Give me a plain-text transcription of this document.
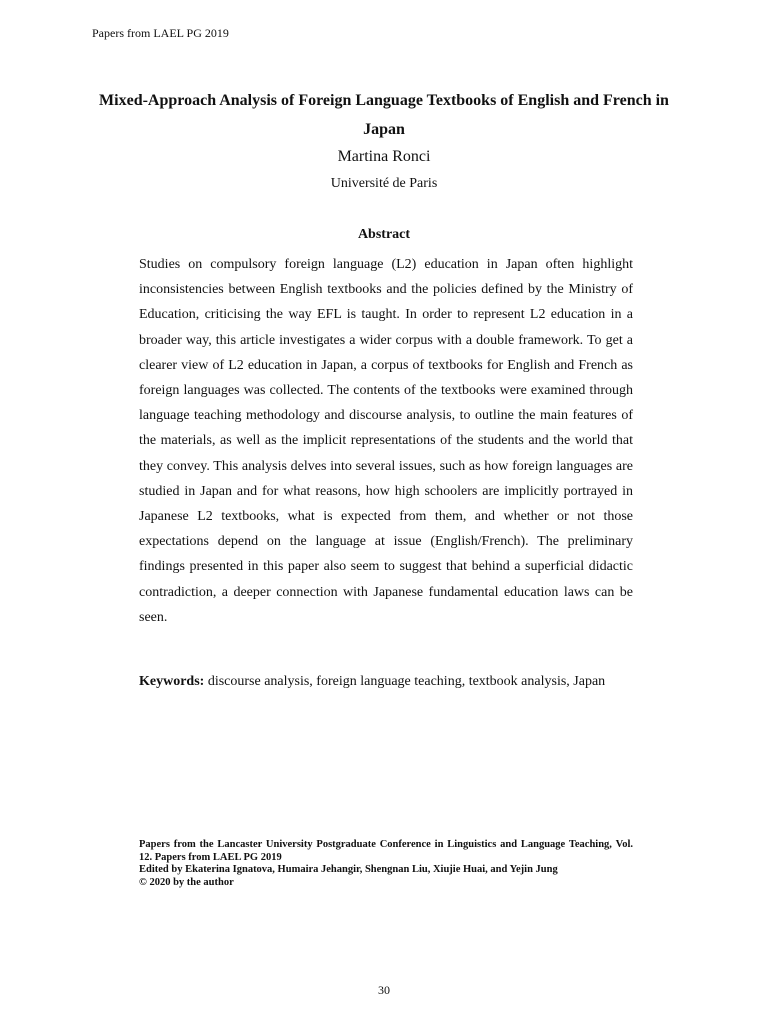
Papers from LAEL PG 2019
Mixed-Approach Analysis of Foreign Language Textbooks of English and French in Japan
Martina Ronci
Université de Paris
Abstract

Studies on compulsory foreign language (L2) education in Japan often highlight inconsistencies between English textbooks and the policies defined by the Ministry of Education, criticising the way EFL is taught. In order to represent L2 education in a broader way, this article investigates a wider corpus with a double framework. To get a clearer view of L2 education in Japan, a corpus of textbooks for English and French as foreign languages was collected. The contents of the textbooks were examined through language teaching methodology and discourse analysis, to outline the main features of the materials, as well as the implicit representations of the students and the world that they convey. This analysis delves into several issues, such as how foreign languages are studied in Japan and for what reasons, how high schoolers are implicitly portrayed in Japanese L2 textbooks, what is expected from them, and whether or not those expectations depend on the language at issue (English/French). The preliminary findings presented in this paper also seem to suggest that behind a superficial didactic contradiction, a deeper connection with Japanese fundamental education laws can be seen.

Keywords: discourse analysis, foreign language teaching, textbook analysis, Japan

Papers from the Lancaster University Postgraduate Conference in Linguistics and Language Teaching, Vol. 12. Papers from LAEL PG 2019
Edited by Ekaterina Ignatova, Humaira Jehangir, Shengnan Liu, Xiujie Huai, and Yejin Jung
© 2020 by the author
30
